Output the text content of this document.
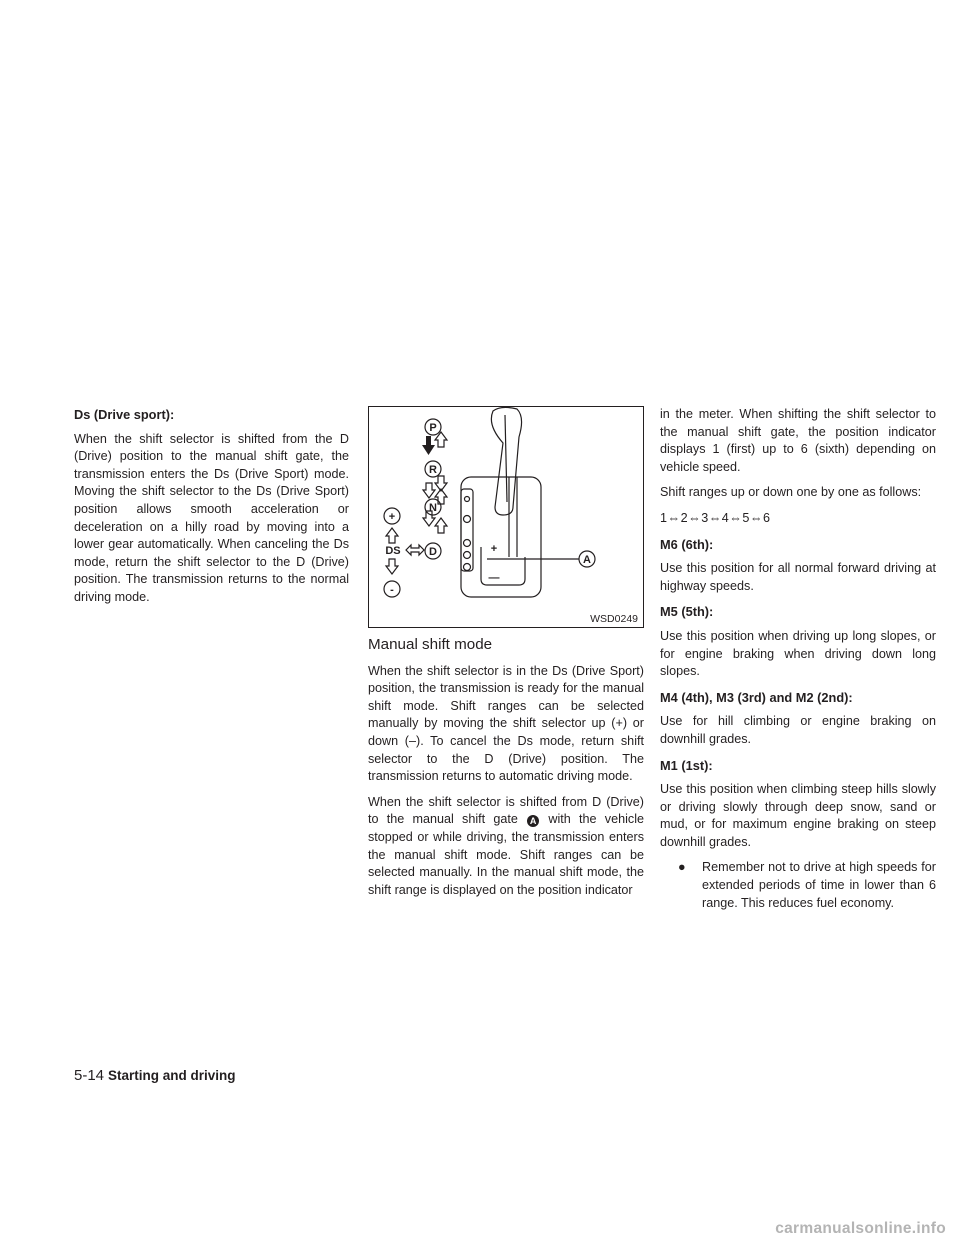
Ds (Drive sport):

When the shift selector is shifted from the D (Drive) position to the manual shift gate, the transmission enters the Ds (Drive Sport) mode. Moving the shift selector to the Ds (Drive Sport) position allows smooth acceleration or deceleration on a hilly road by moving into a lower gear automatically. When canceling the Ds mode, return the shift selector to the D (Drive) position. The transmission returns to the normal driving mode.

P
R
N
D
+
-
A
DS	+
—
WSD0249
Manual shift mode

When the shift selector is in the Ds (Drive Sport) position, the transmission is ready for the manual shift mode. Shift ranges can be selected manually by moving the shift selector up (+) or down (–). To cancel the Ds mode, return shift selector to the D (Drive) position. The transmission returns to automatic driving mode.

When the shift selector is shifted from D (Drive) to the manual shift gate A with the vehicle stopped or while driving, the transmission enters the manual shift mode. Shift ranges can be selected manually. In the manual shift mode, the shift range is displayed on the position indicator

in the meter. When shifting the shift selector to the manual shift gate, the position indicator displays 1 (first) up to 6 (sixth) depending on vehicle speed.

Shift ranges up or down one by one as follows:

1⇔2⇔3⇔4⇔5⇔6

M6 (6th):

Use this position for all normal forward driving at highway speeds.

M5 (5th):

Use this position when driving up long slopes, or for engine braking when driving down long slopes.

M4 (4th), M3 (3rd) and M2 (2nd):

Use for hill climbing or engine braking on downhill grades.

M1 (1st):

Use this position when climbing steep hills slowly or driving slowly through deep snow, sand or mud, or for maximum engine braking on steep downhill grades.

●	Remember not to drive at high speeds for extended periods of time in lower than 6 range. This reduces fuel economy.
5-14 Starting and driving
carmanualsonline.info
